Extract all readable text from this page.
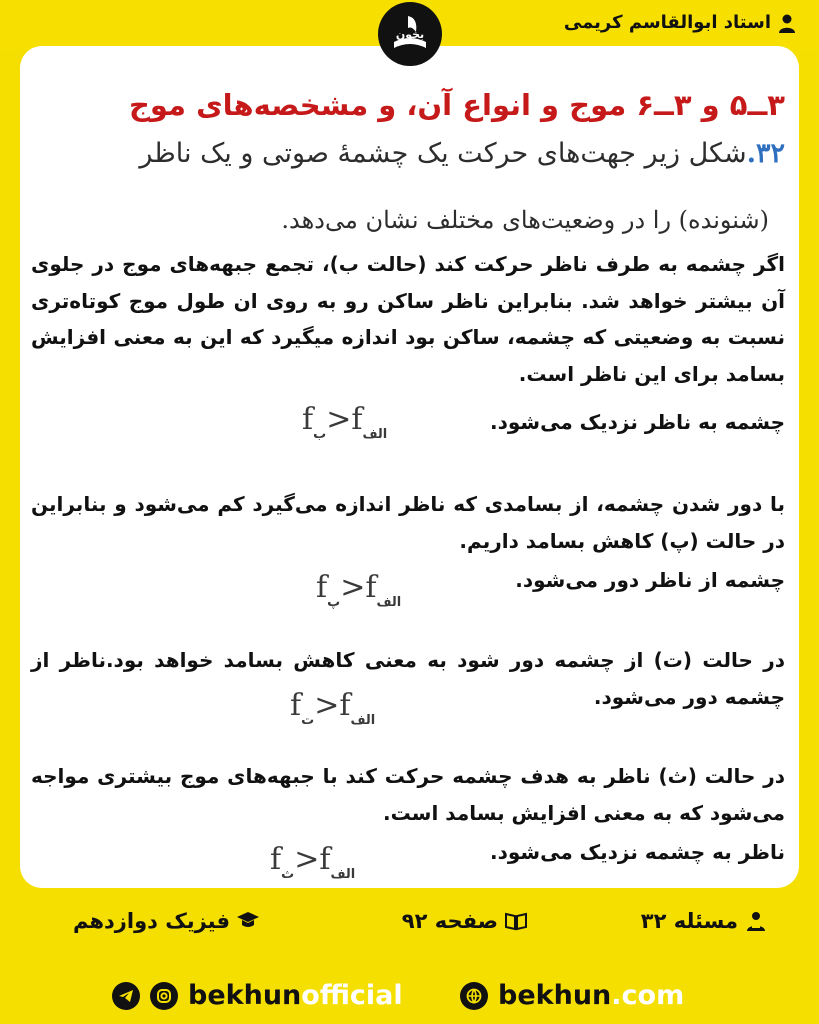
استاد ابوالقاسم کریمی
بخون
۳ــ۵ و ۳ــ۶ موج و انواع آن، و مشخصه‌های موج
۳۲.شکل زیر جهت‌های حرکت یک چشمهٔ صوتی و یک ناظر
(شنونده) را در وضعیت‌های مختلف نشان می‌دهد.
اگر چشمه به طرف ناظر حرکت کند (حالت ب)، تجمع جبهه‌های موج در جلوی آن بیشتر خواهد شد. بنابراین ناظر ساکن رو به روی ان طول موج کوتاه‌تری نسبت به وضعیتی که چشمه، ساکن بود اندازه میگیرد که این به معنی افزایش بسامد برای این ناظر است.
چشمه به ناظر نزدیک می‌شود.
$f_ب>f_{الف}$
با دور شدن چشمه، از بسامدی که ناظر اندازه می‌گیرد کم می‌شود و بنابراین در حالت (پ) کاهش بسامد داریم.
چشمه از ناظر دور می‌شود.
$f_پ>f_{الف}$
در حالت (ت) از چشمه دور شود به معنی کاهش بسامد خواهد بود.ناظر از چشمه دور می‌شود.
$f_ت>f_{الف}$
در حالت (ث) ناظر به هدف چشمه حرکت کند با جبهه‌های موج بیشتری مواجه می‌شود که به معنی افزایش بسامد است.
ناظر به چشمه نزدیک می‌شود.
$f_ث>f_{الف}$
مسئله ۳۲
صفحه ۹۲
فیزیک دوازدهم
bekhunofficial	bekhun.com
